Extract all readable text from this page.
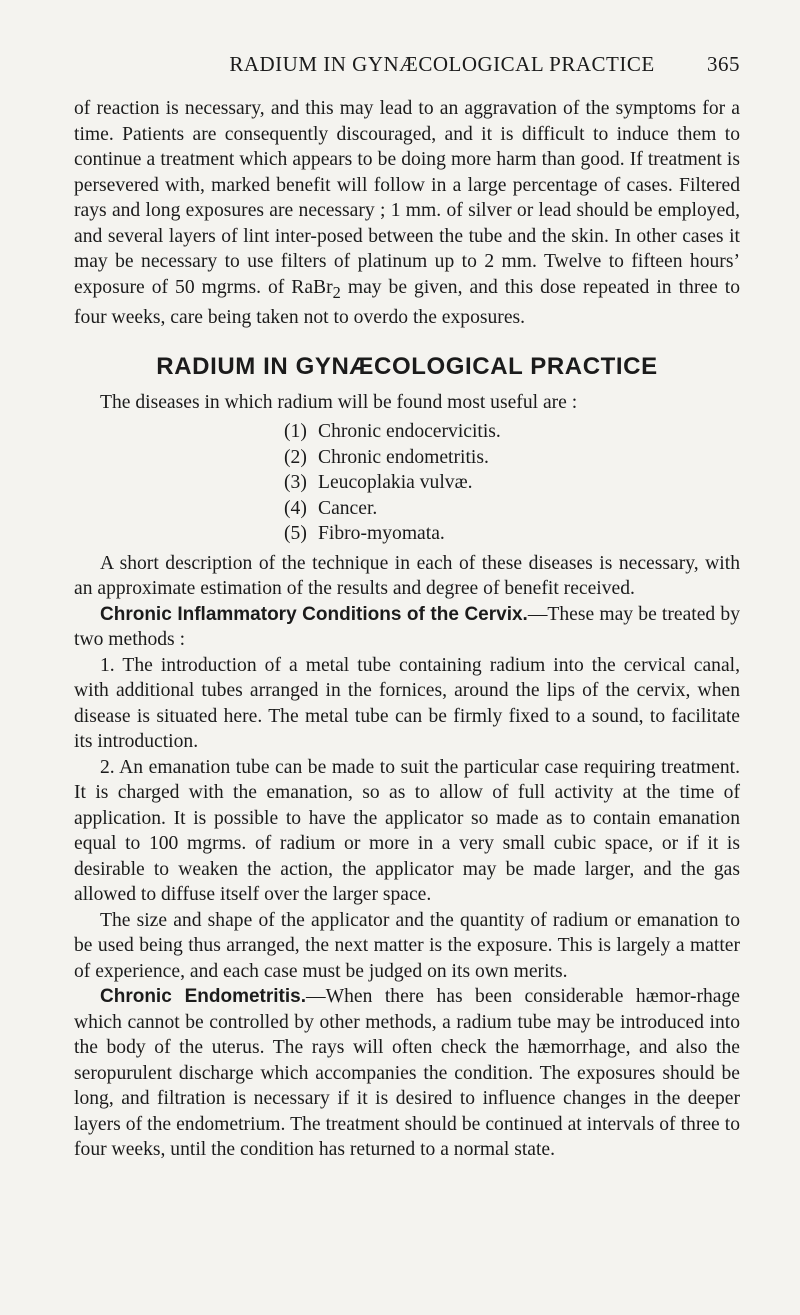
RADIUM IN GYNÆCOLOGICAL PRACTICE 365

of reaction is necessary, and this may lead to an aggravation of the symptoms for a time. Patients are consequently discouraged, and it is difficult to induce them to continue a treatment which appears to be doing more harm than good. If treatment is persevered with, marked benefit will follow in a large percentage of cases. Filtered rays and long exposures are necessary ; 1 mm. of silver or lead should be employed, and several layers of lint inter-posed between the tube and the skin. In other cases it may be necessary to use filters of platinum up to 2 mm. Twelve to fifteen hours’ exposure of 50 mgrms. of RaBr$_2$ may be given, and this dose repeated in three to four weeks, care being taken not to overdo the exposures.

RADIUM IN GYNÆCOLOGICAL PRACTICE

The diseases in which radium will be found most useful are :

(1) Chronic endocervicitis.
(2) Chronic endometritis.
(3) Leucoplakia vulvæ.
(4) Cancer.
(5) Fibro-myomata.

A short description of the technique in each of these diseases is necessary, with an approximate estimation of the results and degree of benefit received.

Chronic Inflammatory Conditions of the Cervix.—These may be treated by two methods :

1. The introduction of a metal tube containing radium into the cervical canal, with additional tubes arranged in the fornices, around the lips of the cervix, when disease is situated here. The metal tube can be firmly fixed to a sound, to facilitate its introduction.

2. An emanation tube can be made to suit the particular case requiring treatment. It is charged with the emanation, so as to allow of full activity at the time of application. It is possible to have the applicator so made as to contain emanation equal to 100 mgrms. of radium or more in a very small cubic space, or if it is desirable to weaken the action, the applicator may be made larger, and the gas allowed to diffuse itself over the larger space.

The size and shape of the applicator and the quantity of radium or emanation to be used being thus arranged, the next matter is the exposure. This is largely a matter of experience, and each case must be judged on its own merits.

Chronic Endometritis.—When there has been considerable hæmor-rhage which cannot be controlled by other methods, a radium tube may be introduced into the body of the uterus. The rays will often check the hæmorrhage, and also the seropurulent discharge which accompanies the condition. The exposures should be long, and filtration is necessary if it is desired to influence changes in the deeper layers of the endometrium. The treatment should be continued at intervals of three to four weeks, until the condition has returned to a normal state.
